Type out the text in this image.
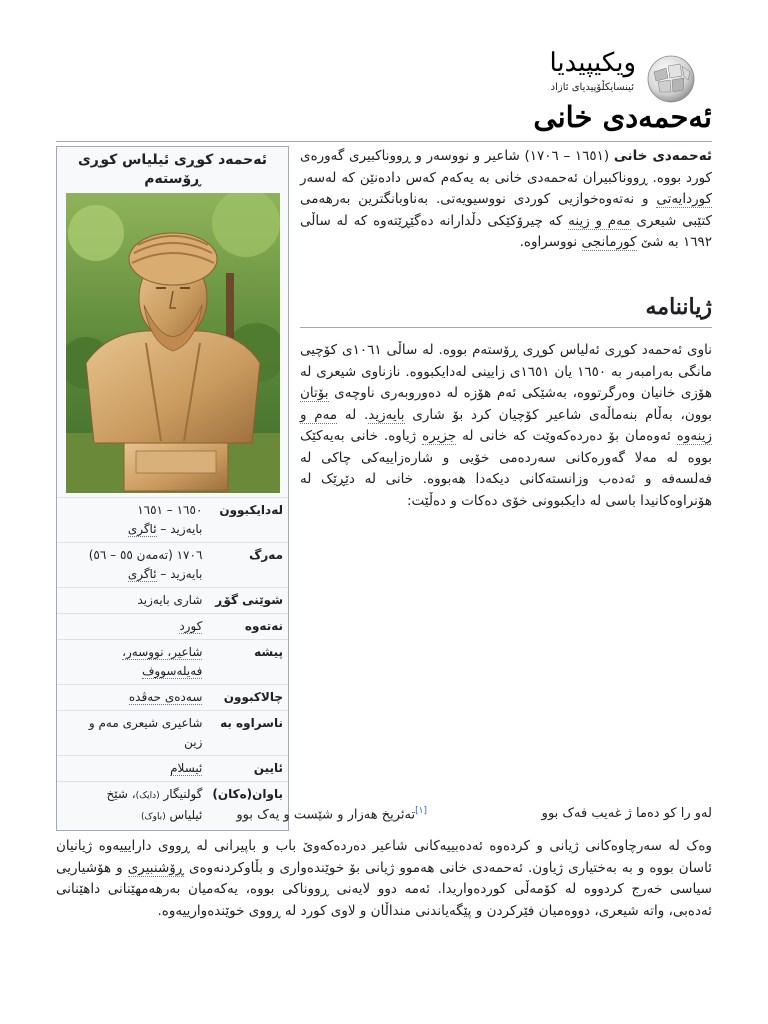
ویکیپیدیا
ئینسایکڵۆپیدیای ئازاد
ئەحمەدی خانی
ئەحمەد کوڕی ئیلیاس کوڕی ڕۆستەم
لەدایکبوون	١٦٥٠ – ١٦٥١
بایەزید – ئاگری
مەرگ	١٧٠٦ (تەمەن ٥٥ – ٥٦)
بایەزید – ئاگری
شوێنی گۆڕ	شاری بایەزید
نەتەوە	کورد
پیشە	شاعیر، نووسەر،
فەیلەسووف
چالاکبوون	سەدەی حەڤدە
ناسراوە بە	شاعیری شیعری مەم و
زین
ئایین	ئیسلام
باوان(ەکان)	گولنیگار (دایک)، شێخ
ئیلیاس (باوک)

ئەحمەدی خانی (١٦٥١ – ١٧٠٦) شاعیر و نووسەر و ڕووناکبیری گەورەی کورد بووە. ڕووناکبیران ئەحمەدی خانی بە یەکەم کەس دادەنێن کە لەسەر کوردایەتی و نەتەوەخوازیی کوردی نووسیویەتی. بەناوبانگترین بەرهەمی کتێبی شیعری مەم و زینە کە چیرۆکێکی دڵدارانە دەگێڕێتەوە کە لە ساڵی ١٦٩٢ بە شێ کورمانجی نووسراوە.

ژیاننامە

ناوی ئەحمەد کوڕی ئەلیاس کوڕی ڕۆستەم بووە. لە ساڵی ١٠٦١ی کۆچیی مانگی بەرامبەر بە ١٦٥٠ یان ١٦٥١ی زایینی لەدایکبووە. نازناوی شیعری لە هۆزی خانیان وەرگرتووە، بەشێکی ئەم هۆزە لە دەوروبەری ناوچەی بۆتان بوون، بەڵام بنەماڵەی شاعیر کۆچیان کرد بۆ شاری بایەزید. لە مەم و زینەوە ئەوەمان بۆ دەردەکەوێت کە خانی لە جزیرە ژیاوە. خانی بەیەکێک بووە لە مەلا گەورەکانی سەردەمی خۆیی و شارەزاییەکی چاکی لە فەلسەفە و ئەدەب وزانستەکانی دیکەدا هەبووە. خانی لە دێڕێک لە هۆنراوەکانیدا باسی لە دایکبوونی خۆی دەکات و دەڵێت:

لەو را کو دەما ژ غەیب فەک بوو
[١]تەئریخ هەزار و شێست و یەک بوو

وەک لە سەرچاوەکانی ژیانی و کردەوە ئەدەبییەکانی شاعیر دەردەکەوێ باب و باپیرانی لە ڕووی دارایییەوە ژیانیان ئاسان بووە و بە بەختیاری ژیاون. ئەحمەدی خانی هەموو ژیانی بۆ خوێندەواری و بڵاوکردنەوەی ڕۆشنبیری و هۆشیاریی سیاسی خەرج کردووە لە کۆمەڵی کوردەواریدا. ئەمە دوو لایەنی ڕووناکی بووە، یەکەمیان بەرهەمهێنانی داهێنانی ئەدەبی، واتە شیعری، دووەمیان فێرکردن و پێگەیاندنی منداڵان و لاوی کورد لە ڕووی خوێندەوارییەوە.
